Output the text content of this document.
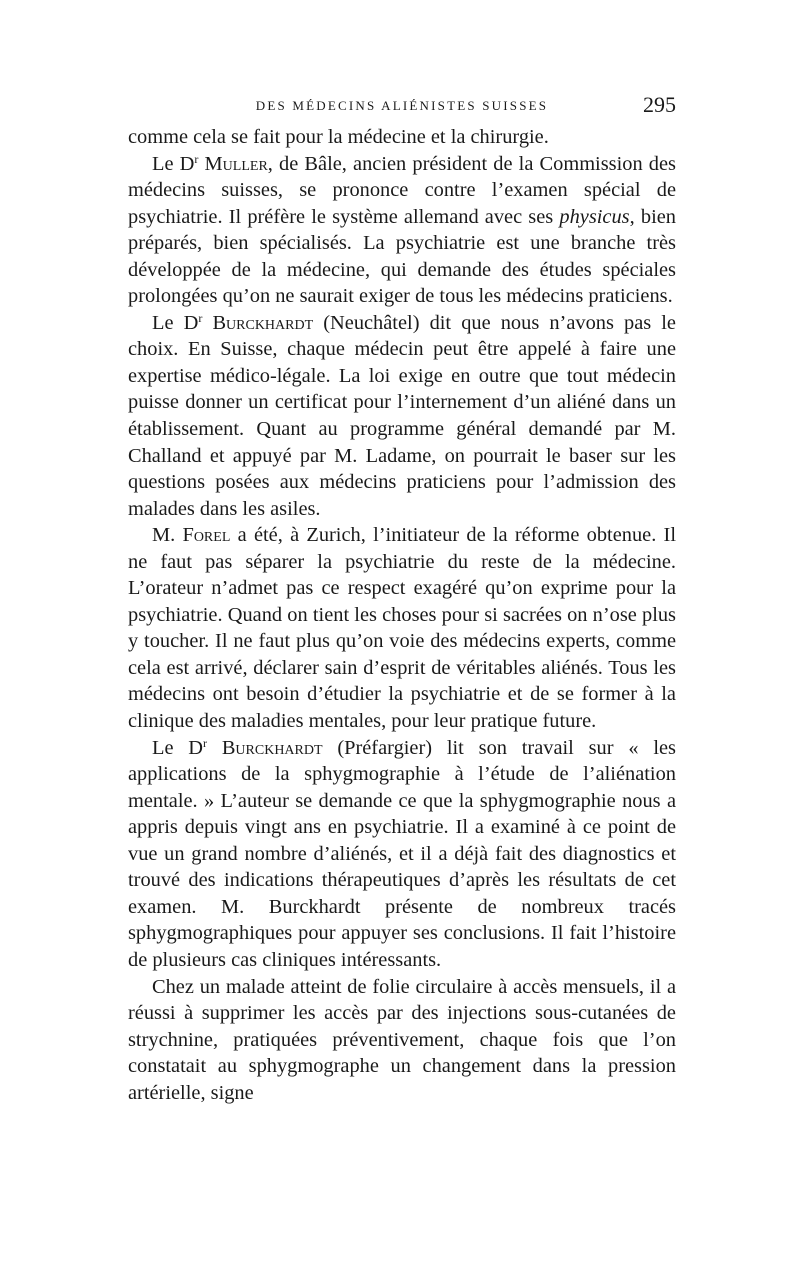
DES MÉDECINS ALIÉNISTES SUISSES	295

comme cela se fait pour la médecine et la chirurgie.

Le $D^r$ Muller, de Bâle, ancien président de la Commission des médecins suisses, se prononce contre l’examen spécial de psychiatrie. Il préfère le système allemand avec ses physicus, bien préparés, bien spécialisés. La psychiatrie est une branche très développée de la médecine, qui demande des études spéciales prolongées qu’on ne saurait exiger de tous les médecins praticiens.

Le $D^r$ Burckhardt (Neuchâtel) dit que nous n’avons pas le choix. En Suisse, chaque médecin peut être appelé à faire une expertise médico-légale. La loi exige en outre que tout médecin puisse donner un certificat pour l’internement d’un aliéné dans un établissement. Quant au programme général demandé par M. Challand et appuyé par M. Ladame, on pourrait le baser sur les questions posées aux médecins praticiens pour l’admission des malades dans les asiles.

M. Forel a été, à Zurich, l’initiateur de la réforme obtenue. Il ne faut pas séparer la psychiatrie du reste de la médecine. L’orateur n’admet pas ce respect exagéré qu’on exprime pour la psychiatrie. Quand on tient les choses pour si sacrées on n’ose plus y toucher. Il ne faut plus qu’on voie des médecins experts, comme cela est arrivé, déclarer sain d’esprit de véritables aliénés. Tous les médecins ont besoin d’étudier la psychiatrie et de se former à la clinique des maladies mentales, pour leur pratique future.

Le $D^r$ Burckhardt (Préfargier) lit son travail sur « les applications de la sphygmographie à l’étude de l’aliénation mentale. » L’auteur se demande ce que la sphygmographie nous a appris depuis vingt ans en psychiatrie. Il a examiné à ce point de vue un grand nombre d’aliénés, et il a déjà fait des diagnostics et trouvé des indications thérapeutiques d’après les résultats de cet examen. M. Burckhardt présente de nombreux tracés sphygmographiques pour appuyer ses conclusions. Il fait l’histoire de plusieurs cas cliniques intéressants.

Chez un malade atteint de folie circulaire à accès mensuels, il a réussi à supprimer les accès par des injections sous-cutanées de strychnine, pratiquées préventivement, chaque fois que l’on constatait au sphygmographe un changement dans la pression artérielle, signe
